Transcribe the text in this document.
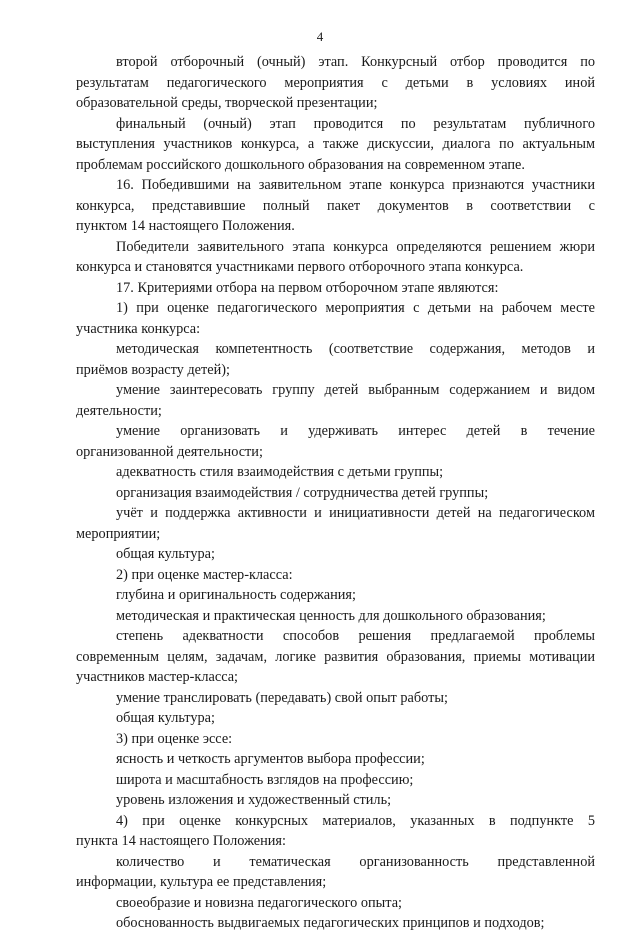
4
второй отборочный (очный) этап. Конкурсный отбор проводится по
результатам педагогического мероприятия с детьми в условиях иной
образовательной среды, творческой презентации;
финальный (очный) этап проводится по результатам публичного
выступления участников конкурса, а также дискуссии, диалога по актуальным
проблемам российского дошкольного образования на современном этапе.
16. Победившими на заявительном этапе конкурса признаются участники
конкурса, представившие полный пакет документов в соответствии с
пунктом 14 настоящего Положения.
Победители заявительного этапа конкурса определяются решением жюри
конкурса и становятся участниками первого отборочного этапа конкурса.
17. Критериями отбора на первом отборочном этапе являются:
1) при оценке педагогического мероприятия с детьми на рабочем месте
участника конкурса:
методическая компетентность (соответствие содержания, методов и
приёмов возрасту детей);
умение заинтересовать группу детей выбранным содержанием и видом
деятельности;
умение организовать и удерживать интерес детей в течение
организованной деятельности;
адекватность стиля взаимодействия с детьми группы;
организация взаимодействия / сотрудничества детей группы;
учёт и поддержка активности и инициативности детей на педагогическом
мероприятии;
общая культура;
2) при оценке мастер-класса:
глубина и оригинальность содержания;
методическая и практическая ценность для дошкольного образования;
степень адекватности способов решения предлагаемой проблемы
современным целям, задачам, логике развития образования, приемы мотивации
участников мастер-класса;
умение транслировать (передавать) свой опыт работы;
общая культура;
3) при оценке эссе:
ясность и четкость аргументов выбора профессии;
широта и масштабность взглядов на профессию;
уровень изложения и художественный стиль;
4) при оценке конкурсных материалов, указанных в подпункте 5
пункта 14 настоящего Положения:
количество и тематическая организованность представленной
информации, культура ее представления;
своеобразие и новизна педагогического опыта;
обоснованность выдвигаемых педагогических принципов и подходов;
